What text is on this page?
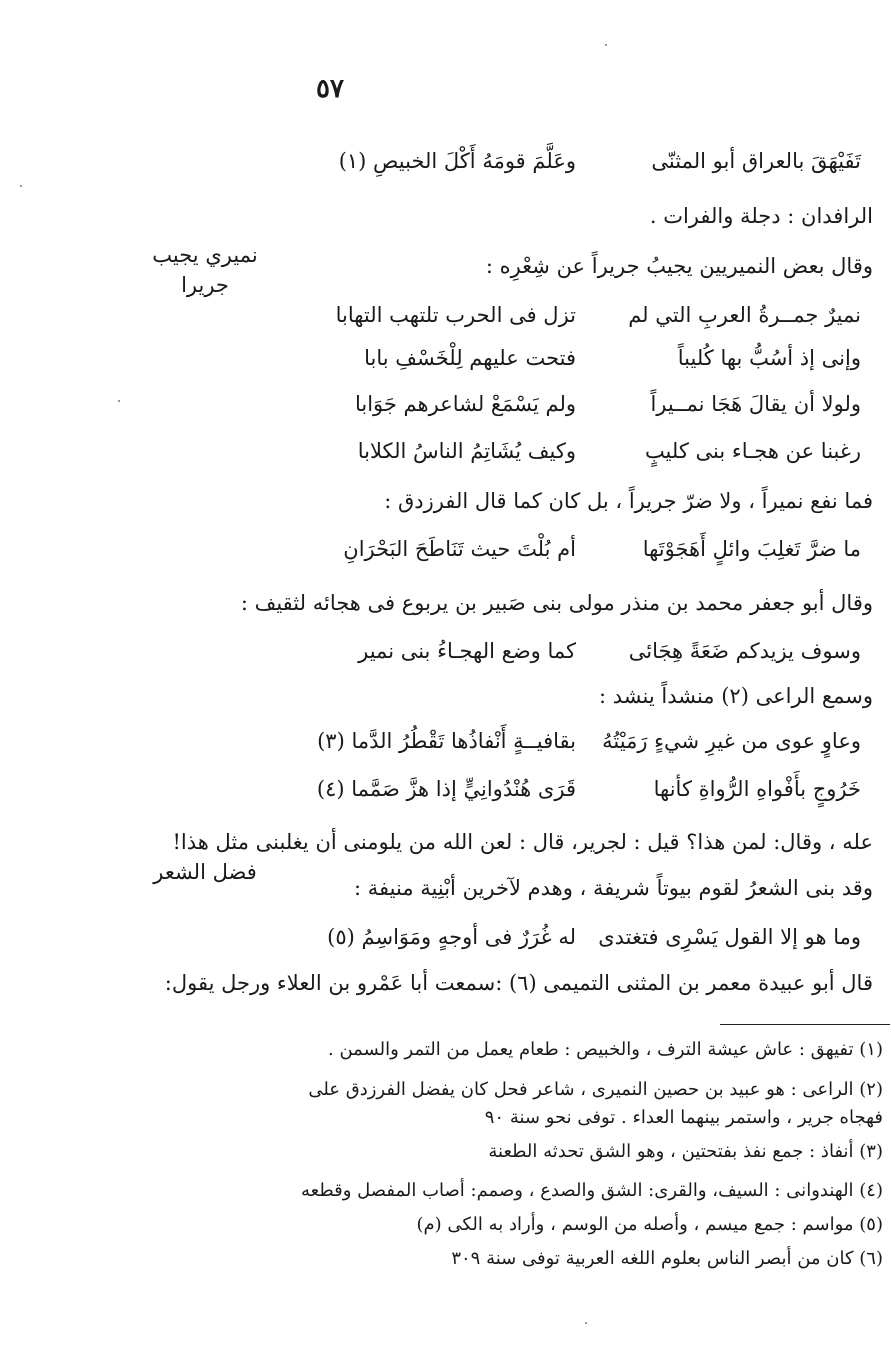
٥٧
نميري يجيب
جريرا
فضل الشعر
تَفَيْهَقَ بالعراق أبو المثنّى
وعَلَّمَ قومَهُ أَكْلَ الخبيصِ (١)
الرافدان : دجلة والفرات .
وقال بعض النميريين يجيبُ جريراً عن شِعْرِه :
نميرٌ جمــرةُ العربِ التي لم
تزل فى الحرب تلتهب التهابا
وإنى إذ أسُبُّ بها كُليباً
فتحت عليهم لِلْخَسْفِ بابا
ولولا أن يقالَ هَجَا نمــيراً
ولم يَسْمَعْ لشاعرهم جَوَابا
رغبنا عن هجـاء بنى كليبٍ
وكيف يُشَاتِمُ الناسُ الكلابا
فما نفع نميراً ، ولا ضرّ جريراً ، بل كان كما قال الفرزدق :
ما ضرَّ تَغلِبَ وائلٍ أَهَجَوْتَها
أم بُلْتَ حيث تَنَاطَحَ البَحْرَانِ
وقال أبو جعفر محمد بن منذر مولى بنى صَبير بن يربوع فى هجائه لثقيف :
وسوف يزيدكم ضَعَةً هِجَائى
كما وضع الهجـاءُ بنى نمير
وسمع الراعى (٢) منشداً ينشد :
وعاوٍ عوى من غيرِ شيءٍ رَمَيْتُهُ
بقافيــةٍ أَنْفاذُها تَقْطُرُ الدَّما (٣)
خَرُوجٍ بأَفْواهِ الرُّواةِ كأنها
قَرَى هُنْدُوانِيٍّ إذا هزَّ صَمَّما (٤)
عله ، وقال: لمن هذا؟ قيل : لجرير، قال : لعن الله من يلومنى أن يغلبنى مثل هذا!
وقد بنى الشعرُ لقوم بيوتاً شريفة ، وهدم لآخرين أبْنِية منيفة :
وما هو إلا القول يَسْرِى فتغتدى
له غُرَرٌ فى أوجهٍ ومَوَاسِمُ (٥)
قال أبو عبيدة معمر بن المثنى التميمى (٦) :سمعت أبا عَمْرو بن العلاء ورجل يقول:
(١) تفيهق : عاش عيشة الترف ، والخبيص : طعام يعمل من التمر والسمن .
(٢) الراعى : هو عبيد بن حصين النميرى ، شاعر فحل كان يفضل الفرزدق على
فهجاه جرير ، واستمر بينهما العداء . توفى نحو سنة ٩٠
(٣) أنفاذ : جمع نفذ بفتحتين ، وهو الشق تحدثه الطعنة
(٤) الهندوانى : السيف، والقرى: الشق والصدع ، وصمم: أصاب المفصل وقطعه
(٥) مواسم : جمع ميسم ، وأصله من الوسم ، وأراد به الكى (م)
(٦) كان من أبصر الناس بعلوم اللغه العربية توفى سنة ٣٠٩
